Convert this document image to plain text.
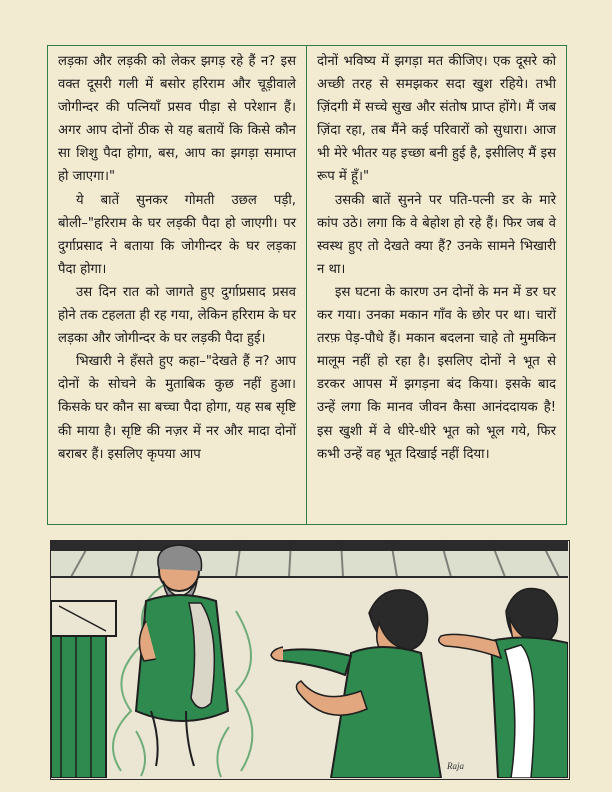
लड़का और लड़की को लेकर झगड़ रहे हैं न? इस वक्त दूसरी गली में बसोर हरिराम और चूड़ीवाले जोगीन्दर की पत्नियाँ प्रसव पीड़ा से परेशान हैं। अगर आप दोनों ठीक से यह बतायें कि किसे कौन सा शिशु पैदा होगा, बस, आप का झगड़ा समाप्त हो जाएगा।"

ये बातें सुनकर गोमती उछल पड़ी, बोली–"हरिराम के घर लड़की पैदा हो जाएगी। पर दुर्गाप्रसाद ने बताया कि जोगीन्दर के घर लड़का पैदा होगा।

उस दिन रात को जागते हुए दुर्गाप्रसाद प्रसव होने तक टहलता ही रह गया, लेकिन हरिराम के घर लड़का और जोगीन्दर के घर लड़की पैदा हुई।

भिखारी ने हँसते हुए कहा–"देखते हैं न? आप दोनों के सोचने के मुताबिक कुछ नहीं हुआ। किसके घर कौन सा बच्चा पैदा होगा, यह सब सृष्टि की माया है। सृष्टि की नज़र में नर और मादा दोनों बराबर हैं। इसलिए कृपया आप

दोनों भविष्य में झगड़ा मत कीजिए। एक दूसरे को अच्छी तरह से समझकर सदा खुश रहिये। तभी ज़िंदगी में सच्चे सुख और संतोष प्राप्त होंगे। मैं जब ज़िंदा रहा, तब मैंने कई परिवारों को सुधारा। आज भी मेरे भीतर यह इच्छा बनी हुई है, इसीलिए मैं इस रूप में हूँ।"

उसकी बातें सुनने पर पति-पत्नी डर के मारे कांप उठे। लगा कि वे बेहोश हो रहे हैं। फिर जब वे स्वस्थ हुए तो देखते क्या हैं? उनके सामने भिखारी न था।

इस घटना के कारण उन दोनों के मन में डर घर कर गया। उनका मकान गाँव के छोर पर था। चारों तरफ़ पेड़-पौधे हैं। मकान बदलना चाहे तो मुमकिन मालूम नहीं हो रहा है। इसलिए दोनों ने भूत से डरकर आपस में झगड़ना बंद किया। इसके बाद उन्हें लगा कि मानव जीवन कैसा आनंददायक है! इस खुशी में वे धीरे-धीरे भूत को भूल गये, फिर कभी उन्हें वह भूत दिखाई नहीं दिया।

Raja
